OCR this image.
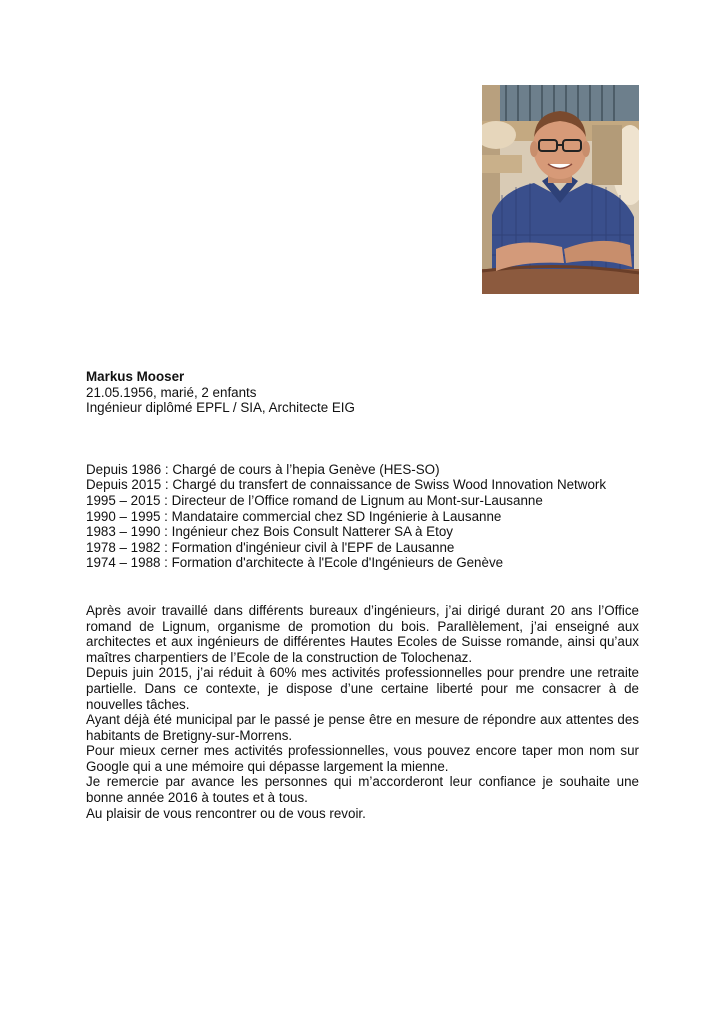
Markus Mooser

21.05.1956, marié, 2 enfants

Ingénieur diplômé EPFL / SIA, Architecte EIG

Depuis 1986 : Chargé de cours à l’hepia Genève (HES-SO)

Depuis 2015 : Chargé du transfert de connaissance de Swiss Wood Innovation Network

1995 – 2015 : Directeur de l’Office romand de Lignum au Mont-sur-Lausanne

1990 – 1995 : Mandataire commercial chez SD Ingénierie à Lausanne

1983 – 1990 : Ingénieur chez Bois Consult Natterer SA à Etoy

1978 – 1982 : Formation d'ingénieur civil à l'EPF de Lausanne

1974 – 1988 : Formation d'architecte à l'Ecole d'Ingénieurs de Genève

Après avoir travaillé dans différents bureaux d’ingénieurs, j’ai dirigé durant 20 ans l’Office romand de Lignum, organisme de promotion du bois. Parallèlement, j’ai enseigné aux architectes et aux ingénieurs de différentes Hautes Ecoles de Suisse romande, ainsi qu’aux maîtres charpentiers de l’Ecole de la construction de Tolochenaz.

Depuis juin 2015, j’ai réduit à 60% mes activités professionnelles pour prendre une retraite partielle. Dans ce contexte, je dispose d’une certaine liberté pour me consacrer à de nouvelles tâches.

Ayant déjà été municipal par le passé je pense être en mesure de répondre aux attentes des habitants de Bretigny-sur-Morrens.

Pour mieux cerner mes activités professionnelles, vous pouvez encore taper mon nom sur Google qui a une mémoire qui dépasse largement la mienne.

Je remercie par avance les personnes qui m’accorderont leur confiance je souhaite une bonne année 2016 à toutes et à tous.

Au plaisir de vous rencontrer ou de vous revoir.
